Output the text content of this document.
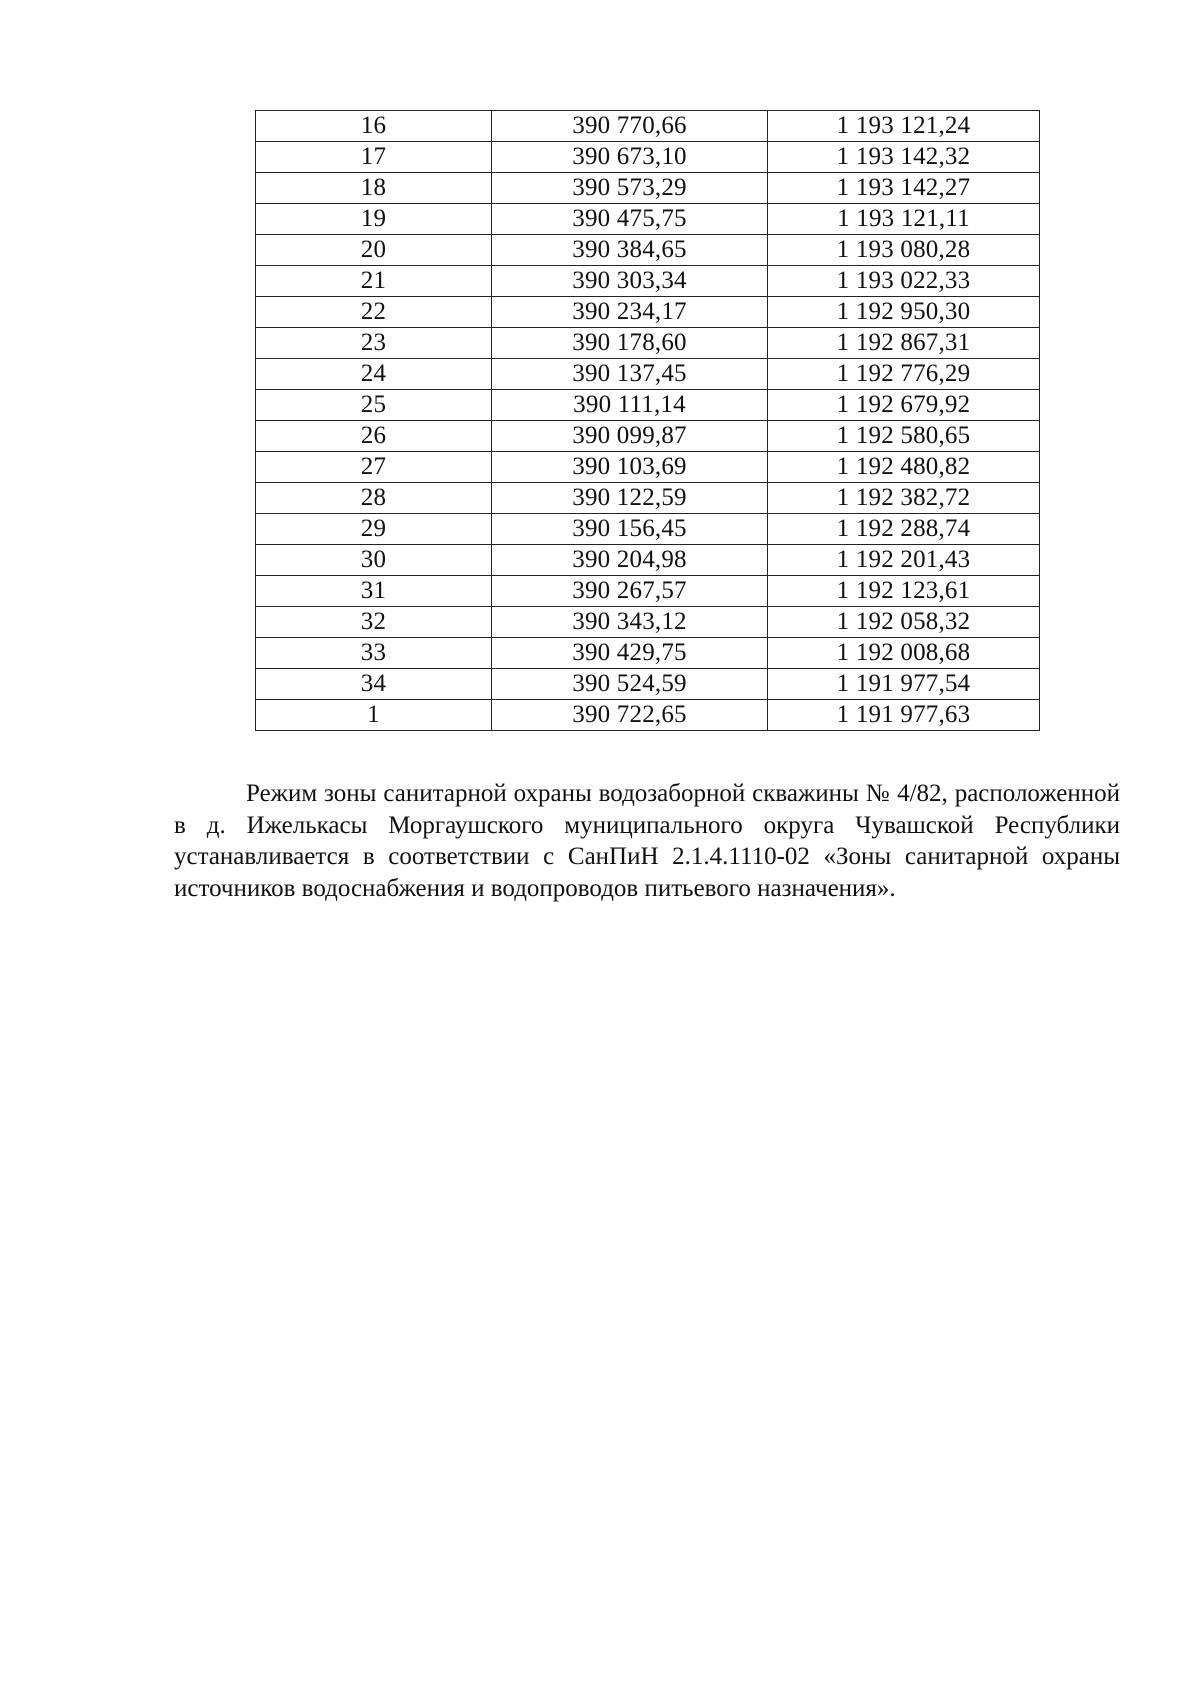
16	390 770,66	1 193 121,24
17	390 673,10	1 193 142,32
18	390 573,29	1 193 142,27
19	390 475,75	1 193 121,11
20	390 384,65	1 193 080,28
21	390 303,34	1 193 022,33
22	390 234,17	1 192 950,30
23	390 178,60	1 192 867,31
24	390 137,45	1 192 776,29
25	390 111,14	1 192 679,92
26	390 099,87	1 192 580,65
27	390 103,69	1 192 480,82
28	390 122,59	1 192 382,72
29	390 156,45	1 192 288,74
30	390 204,98	1 192 201,43
31	390 267,57	1 192 123,61
32	390 343,12	1 192 058,32
33	390 429,75	1 192 008,68
34	390 524,59	1 191 977,54
1	390 722,65	1 191 977,63

Режим зоны санитарной охраны водозаборной скважины № 4/82, расположенной в д. Ижелькасы Моргаушского муниципального округа Чувашской Республики устанавливается в соответствии с СанПиН 2.1.4.1110-02 «Зоны санитарной охраны источников водоснабжения и водопроводов питьевого назначения».
